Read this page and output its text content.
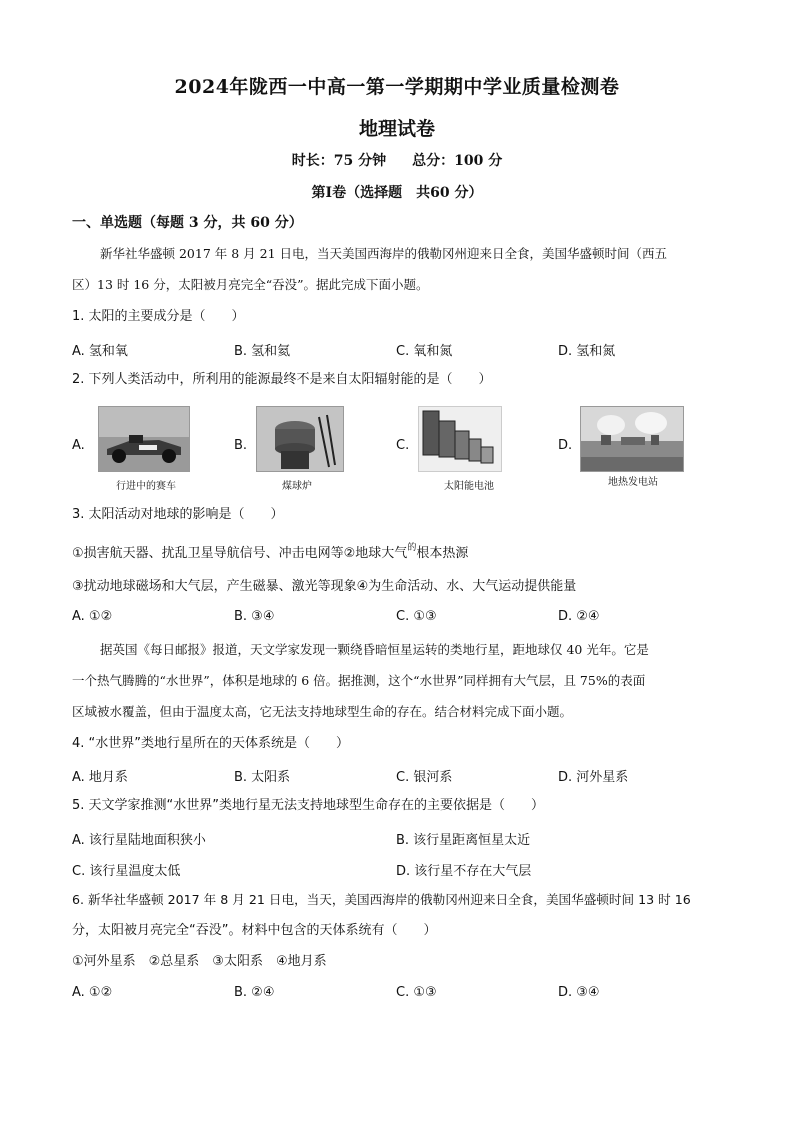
2024年陇西一中高一第一学期期中学业质量检测卷
地理试卷
时长：75 分钟 总分：100 分
第Ⅰ卷（选择题　共60 分）
一、单选题（每题 3 分，共 60 分）
新华社华盛顿 2017 年 8 月 21 日电，当天美国西海岸的俄勒冈州迎来日全食，美国华盛顿时间（西五
区）13 时 16 分，太阳被月亮完全“吞没”。据此完成下面小题。
1. 太阳的主要成分是（　　）
A. 氢和氧	B. 氢和氦	C. 氧和氮	D. 氢和氮
2. 下列人类活动中，所利用的能源最终不是来自太阳辐射能的是（　　）
A.
行进中的赛车
B.
煤球炉
C.
太阳能电池
D.
地热发电站
3. 太阳活动对地球的影响是（　　）
①损害航天器、扰乱卫星导航信号、冲击电网等②地球大气$^的$根本热源
③扰动地球磁场和大气层，产生磁暴、激光等现象④为生命活动、水、大气运动提供能量
A. ①②	B. ③④	C. ①③	D. ②④
据英国《每日邮报》报道，天文学家发现一颗绕昏暗恒星运转的类地行星，距地球仅 40 光年。它是
一个热气腾腾的“水世界”，体积是地球的 6 倍。据推测，这个“水世界”同样拥有大气层，且 75%的表面
区域被水覆盖，但由于温度太高，它无法支持地球型生命的存在。结合材料完成下面小题。
4. “水世界”类地行星所在的天体系统是（　　）
A. 地月系	B. 太阳系	C. 银河系	D. 河外星系
5. 天文学家推测“水世界”类地行星无法支持地球型生命存在的主要依据是（　　）
A. 该行星陆地面积狭小	B. 该行星距离恒星太近
C. 该行星温度太低	D. 该行星不存在大气层
6. 新华社华盛顿 2017 年 8 月 21 日电，当天，美国西海岸的俄勒冈州迎来日全食，美国华盛顿时间 13 时 16
分，太阳被月亮完全“吞没”。材料中包含的天体系统有（　　）
①河外星系　②总星系　③太阳系　④地月系
A. ①②	B. ②④	C. ①③	D. ③④
